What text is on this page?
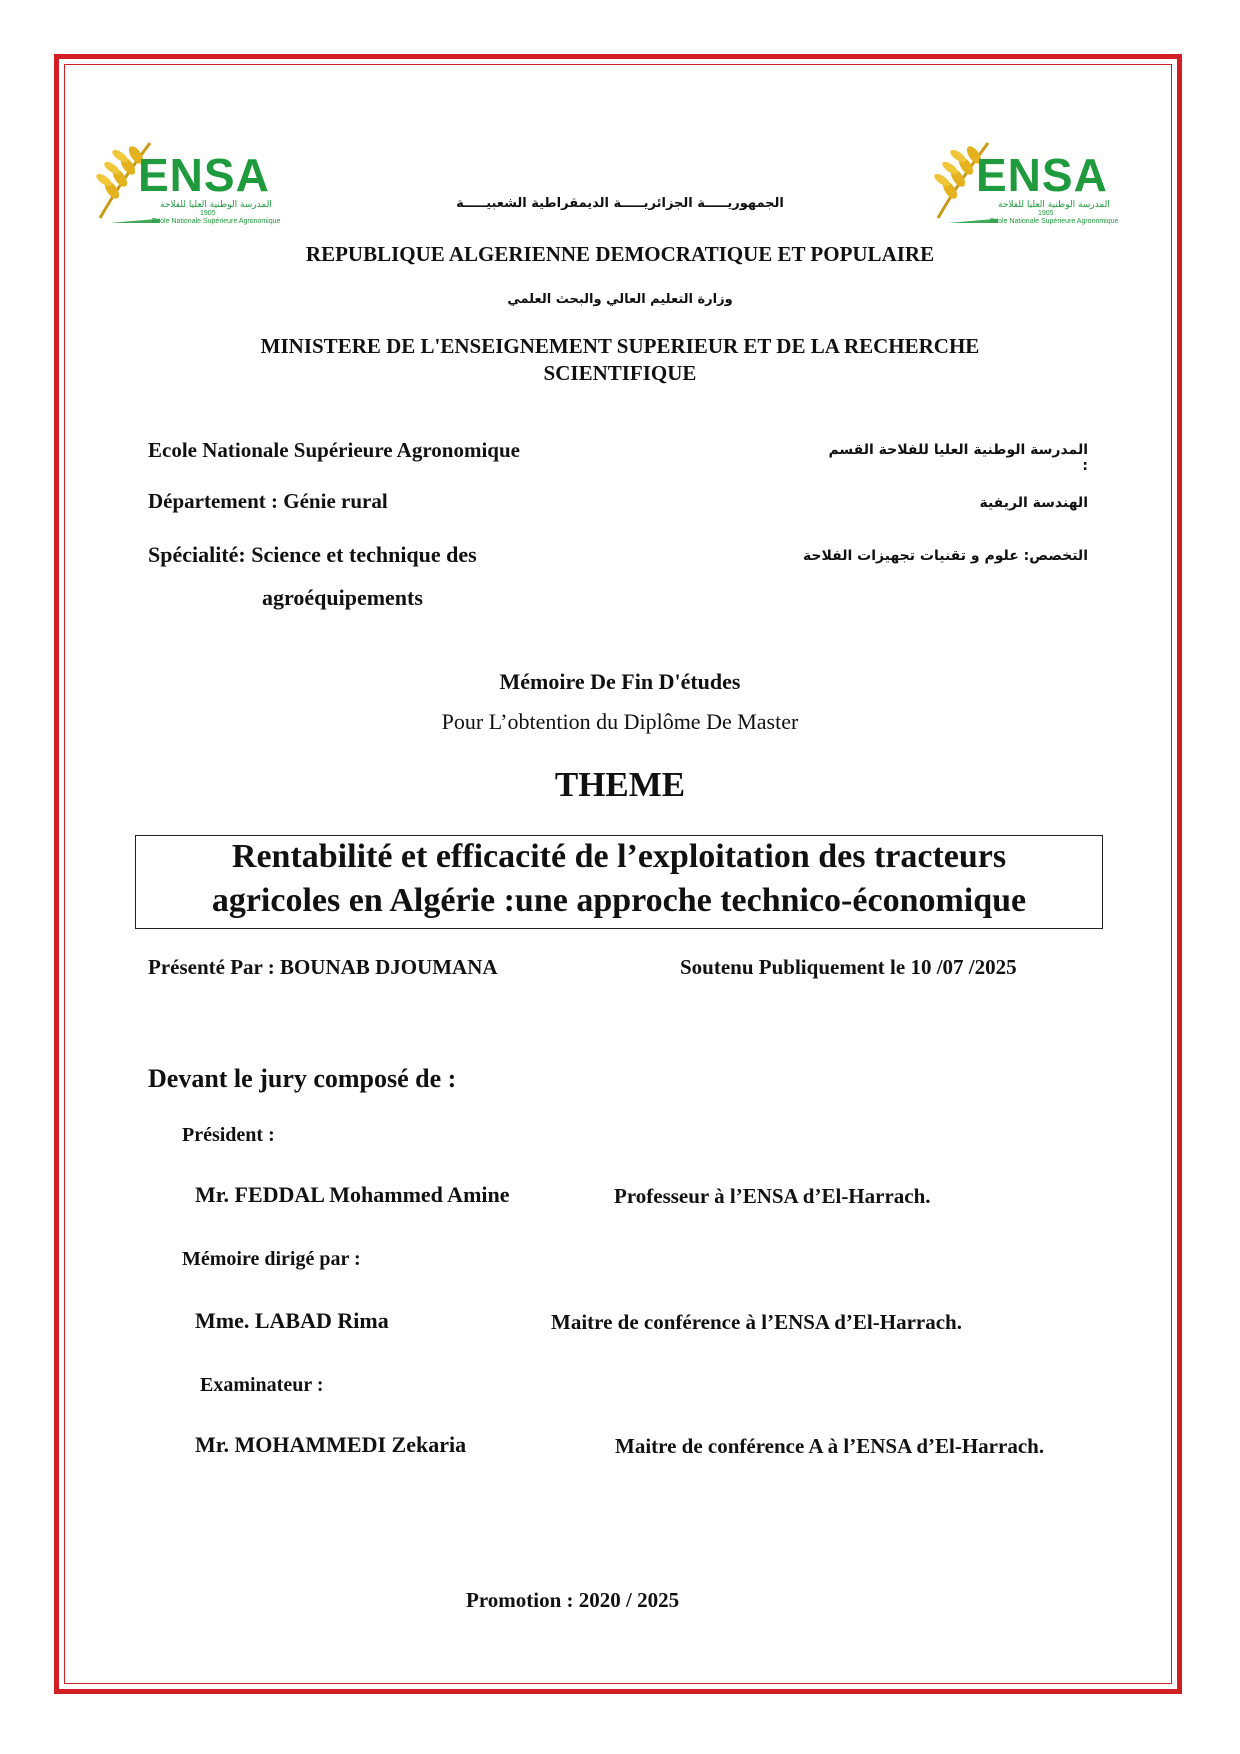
ENSA
المدرسة الوطنية العليا للفلاحة
1905
Ecole Nationale Supérieure Agronomique
ENSA
المدرسة الوطنية العليا للفلاحة
1905
Ecole Nationale Supérieure Agronomique
الجمهوريـــــة الجزائريـــــة الديمقراطية الشعبيـــــة
REPUBLIQUE ALGERIENNE DEMOCRATIQUE ET POPULAIRE
وزارة التعليم العالي والبحث العلمي
MINISTERE DE L'ENSEIGNEMENT SUPERIEUR ET DE LA RECHERCHE
SCIENTIFIQUE
Ecole Nationale Supérieure Agronomique	المدرسة الوطنية العليا للفلاحة القسم :
Département : Génie rural	الهندسة الريفية
Spécialité: Science et technique des
agroéquipements
التخصص: علوم و تقنيات تجهيزات الفلاحة
Mémoire De Fin D'études
Pour L’obtention du Diplôme De Master
THEME
Rentabilité et efficacité de l’exploitation des tracteurs
agricoles en Algérie :une approche technico-économique
Présenté Par : BOUNAB DJOUMANA	Soutenu Publiquement le 10 /07 /2025
Devant le jury composé de :
Président :
Mr. FEDDAL Mohammed Amine	Professeur à l’ENSA d’El-Harrach.
Mémoire dirigé par :
Mme. LABAD Rima	Maitre de conférence à l’ENSA d’El-Harrach.
Examinateur :
Mr. MOHAMMEDI Zekaria	Maitre de conférence A à l’ENSA d’El-Harrach.
Promotion : 2020 / 2025
